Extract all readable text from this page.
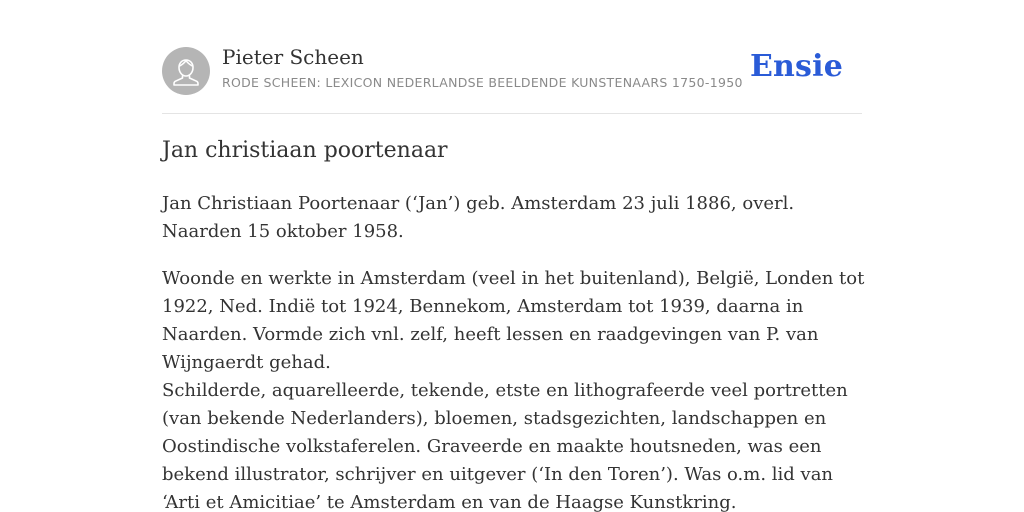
Pieter Scheen
RODE SCHEEN: LEXICON NEDERLANDSE BEELDENDE KUNSTENAARS 1750-1950 Ensie
Jan christiaan poortenaar

Jan Christiaan Poortenaar (‘Jan’) geb. Amsterdam 23 juli 1886, overl. Naarden 15 oktober 1958.

Woonde en werkte in Amsterdam (veel in het buitenland), België, Londen tot 1922, Ned. Indië tot 1924, Bennekom, Amsterdam tot 1939, daarna in Naarden. Vormde zich vnl. zelf, heeft lessen en raadgevingen van P. van Wijngaerdt gehad.

Schilderde, aquarelleerde, tekende, etste en lithografeerde veel portretten (van bekende Nederlanders), bloemen, stadsgezichten, landschappen en Oostindische volkstaferelen. Graveerde en maakte houtsneden, was een bekend illustrator, schrijver en uitgever (‘In den Toren’). Was o.m. lid van ‘Arti et Amicitiae’ te Amsterdam en van de Haagse Kunstkring.
